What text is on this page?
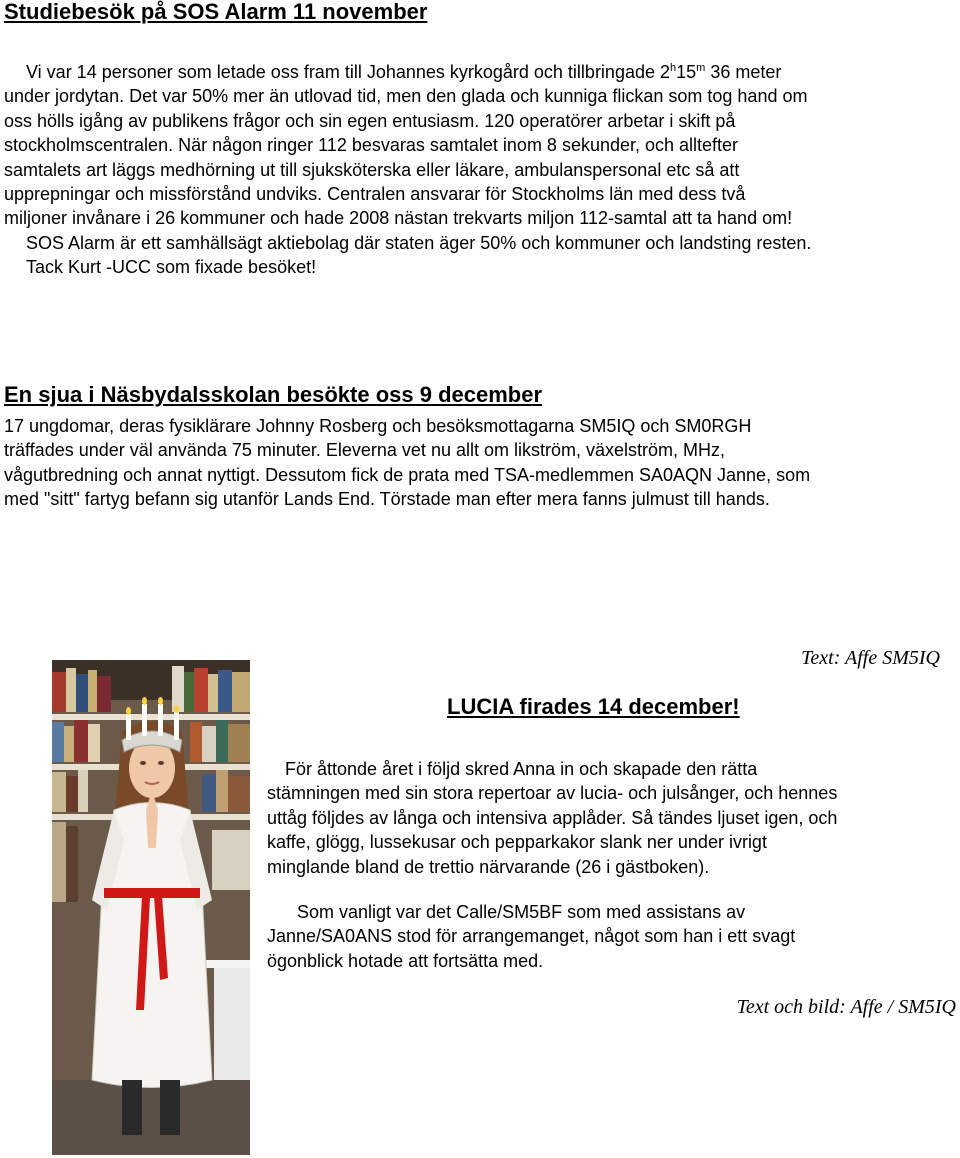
Studiebesök på SOS Alarm 11 november
Vi var 14 personer som letade oss fram till Johannes kyrkogård och tillbringade 2$^h$15$^m$ 36 meter
under jordytan. Det var 50% mer än utlovad tid, men den glada och kunniga flickan som tog hand om
oss hölls igång av publikens frågor och sin egen entusiasm. 120 operatörer arbetar i skift på
stockholmscentralen. När någon ringer 112 besvaras samtalet inom 8 sekunder, och alltefter
samtalets art läggs medhörning ut till sjuksköterska eller läkare, ambulanspersonal etc så att
upprepningar och missförstånd undviks. Centralen ansvarar för Stockholms län med dess två
miljoner invånare i 26 kommuner och hade 2008 nästan trekvarts miljon 112-samtal att ta hand om!
SOS Alarm är ett samhällsägt aktiebolag där staten äger 50% och kommuner och landsting resten.
Tack Kurt -UCC som fixade besöket!

Text: Affe SM5IQ

En sjua i Näsbydalsskolan besökte oss 9 december
17 ungdomar, deras fysiklärare Johnny Rosberg och besöksmottagarna SM5IQ och SM0RGH
träffades under väl använda 75 minuter. Eleverna vet nu allt om likström, växelström, MHz,
vågutbredning och annat nyttigt. Dessutom fick de prata med TSA-medlemmen SA0AQN Janne, som
med "sitt" fartyg befann sig utanför Lands End. Törstade man efter mera fanns julmust till hands.
LUCIA firades 14 december!
För åttonde året i följd skred Anna in och skapade den rätta
stämningen med sin stora repertoar av lucia- och julsånger, och hennes
uttåg följdes av långa och intensiva applåder. Så tändes ljuset igen, och
kaffe, glögg, lussekusar och pepparkakor slank ner under ivrigt
minglande bland de trettio närvarande (26 i gästboken).
Som vanligt var det Calle/SM5BF som med assistans av
Janne/SA0ANS stod för arrangemanget, något som han i ett svagt
ögonblick hotade att fortsätta med.

Text och bild: Affe / SM5IQ
